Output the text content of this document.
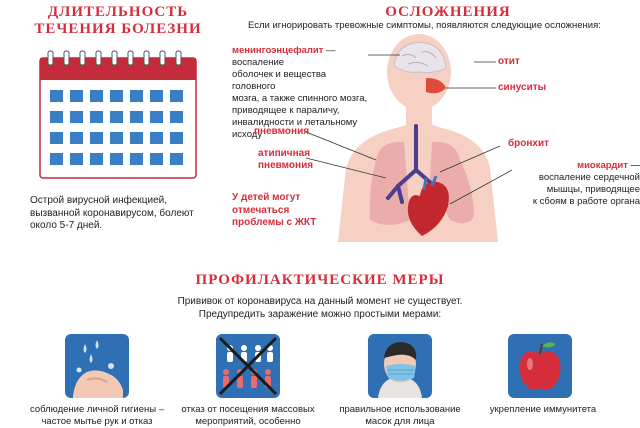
ДЛИТЕЛЬНОСТЬ
ТЕЧЕНИЯ БОЛЕЗНИ
Острой вирусной инфекцией,
вызванной коронавирусом, болеют
около 5-7 дней.
ОСЛОЖНЕНИЯ
Если игнорировать тревожные симптомы, появляются следующие осложнения:
менингоэнцефалит — воспаление
оболочек и вещества головного
мозга, а также спинного мозга,
приводящее к параличу,
инвалидности и летальному исходу
отит
синуситы
пневмония
атипичная
пневмония
бронхит
миокардит —
воспаление сердечной
мышцы, приводящее
к сбоям в работе органа
У детей могут
отмечаться
проблемы с ЖКТ
ПРОФИЛАКТИЧЕСКИЕ МЕРЫ
Прививок от коронавируса на данный момент не существует.
Предупредить заражение можно простыми мерами:
соблюдение личной гигиены –
частое мытье рук и отказ
отказ от посещения массовых
мероприятий, особенно
правильное использование
масок для лица
укрепление иммунитета
